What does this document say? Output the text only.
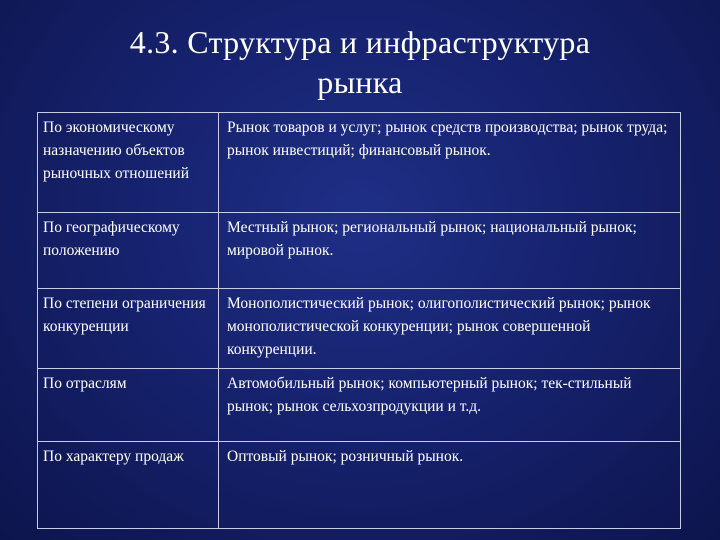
4.3. Структура и инфраструктура
рынка
По экономическому назначению объектов рыночных отношений	Рынок товаров и услуг; рынок средств производства; рынок труда; рынок инвестиций; финансовый рынок.
По географическому положению	Местный рынок; региональный рынок; национальный рынок; мировой рынок.
По степени ограничения конкуренции	Монополистический рынок; олигополистический рынок; рынок монополистической конкуренции; рынок совершенной конкуренции.
По отраслям	Автомобильный рынок; компьютерный рынок; тек-стильный рынок; рынок сельхозпродукции и т.д.
По характеру продаж	Оптовый рынок; розничный рынок.
